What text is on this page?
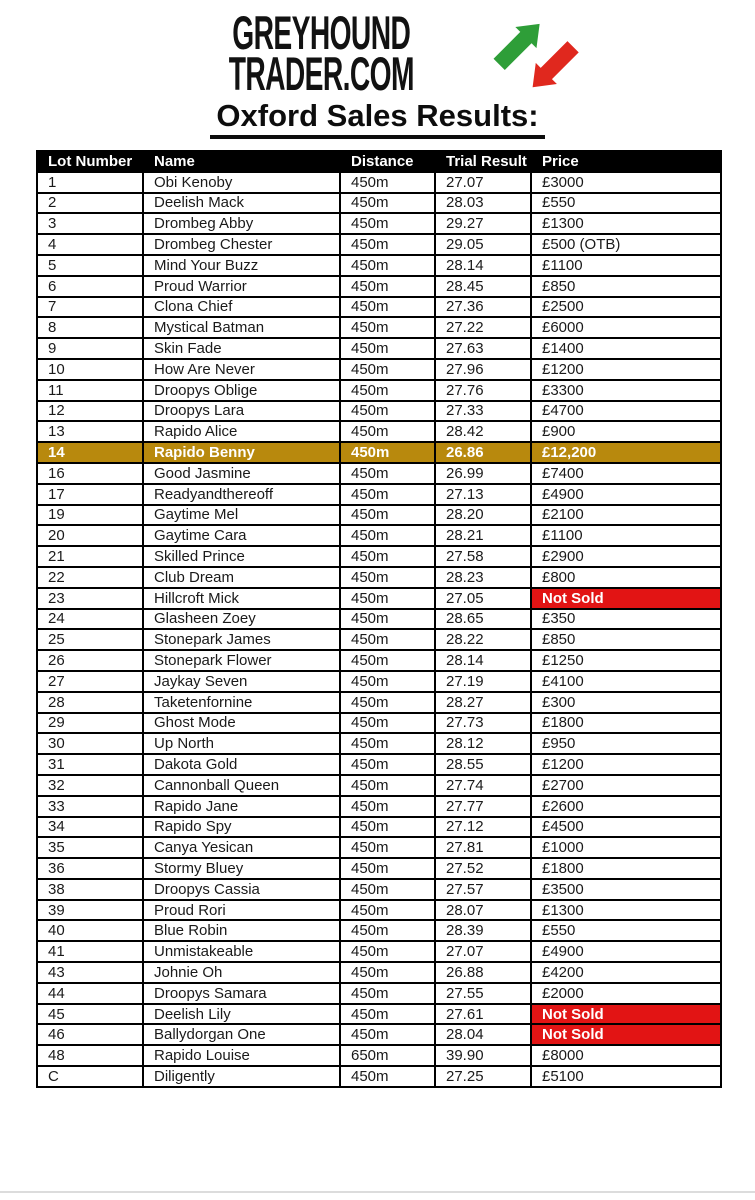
GREYHOUND
TRADER.COM
Oxford Sales Results:
Lot Number	Name	Distance	Trial Result	Price
1	Obi Kenoby	450m	27.07	£3000
2	Deelish Mack	450m	28.03	£550
3	Drombeg Abby	450m	29.27	£1300
4	Drombeg Chester	450m	29.05	£500 (OTB)
5	Mind Your Buzz	450m	28.14	£1100
6	Proud Warrior	450m	28.45	£850
7	Clona Chief	450m	27.36	£2500
8	Mystical Batman	450m	27.22	£6000
9	Skin Fade	450m	27.63	£1400
10	How Are Never	450m	27.96	£1200
11	Droopys Oblige	450m	27.76	£3300
12	Droopys Lara	450m	27.33	£4700
13	Rapido Alice	450m	28.42	£900
14	Rapido Benny	450m	26.86	£12,200
16	Good Jasmine	450m	26.99	£7400
17	Readyandthereoff	450m	27.13	£4900
19	Gaytime Mel	450m	28.20	£2100
20	Gaytime Cara	450m	28.21	£1100
21	Skilled Prince	450m	27.58	£2900
22	Club Dream	450m	28.23	£800
23	Hillcroft Mick	450m	27.05	Not Sold
24	Glasheen Zoey	450m	28.65	£350
25	Stonepark James	450m	28.22	£850
26	Stonepark Flower	450m	28.14	£1250
27	Jaykay Seven	450m	27.19	£4100
28	Taketenfornine	450m	28.27	£300
29	Ghost Mode	450m	27.73	£1800
30	Up North	450m	28.12	£950
31	Dakota Gold	450m	28.55	£1200
32	Cannonball Queen	450m	27.74	£2700
33	Rapido Jane	450m	27.77	£2600
34	Rapido Spy	450m	27.12	£4500
35	Canya Yesican	450m	27.81	£1000
36	Stormy Bluey	450m	27.52	£1800
38	Droopys Cassia	450m	27.57	£3500
39	Proud Rori	450m	28.07	£1300
40	Blue Robin	450m	28.39	£550
41	Unmistakeable	450m	27.07	£4900
43	Johnie Oh	450m	26.88	£4200
44	Droopys Samara	450m	27.55	£2000
45	Deelish Lily	450m	27.61	Not Sold
46	Ballydorgan One	450m	28.04	Not Sold
48	Rapido Louise	650m	39.90	£8000
C	Diligently	450m	27.25	£5100
